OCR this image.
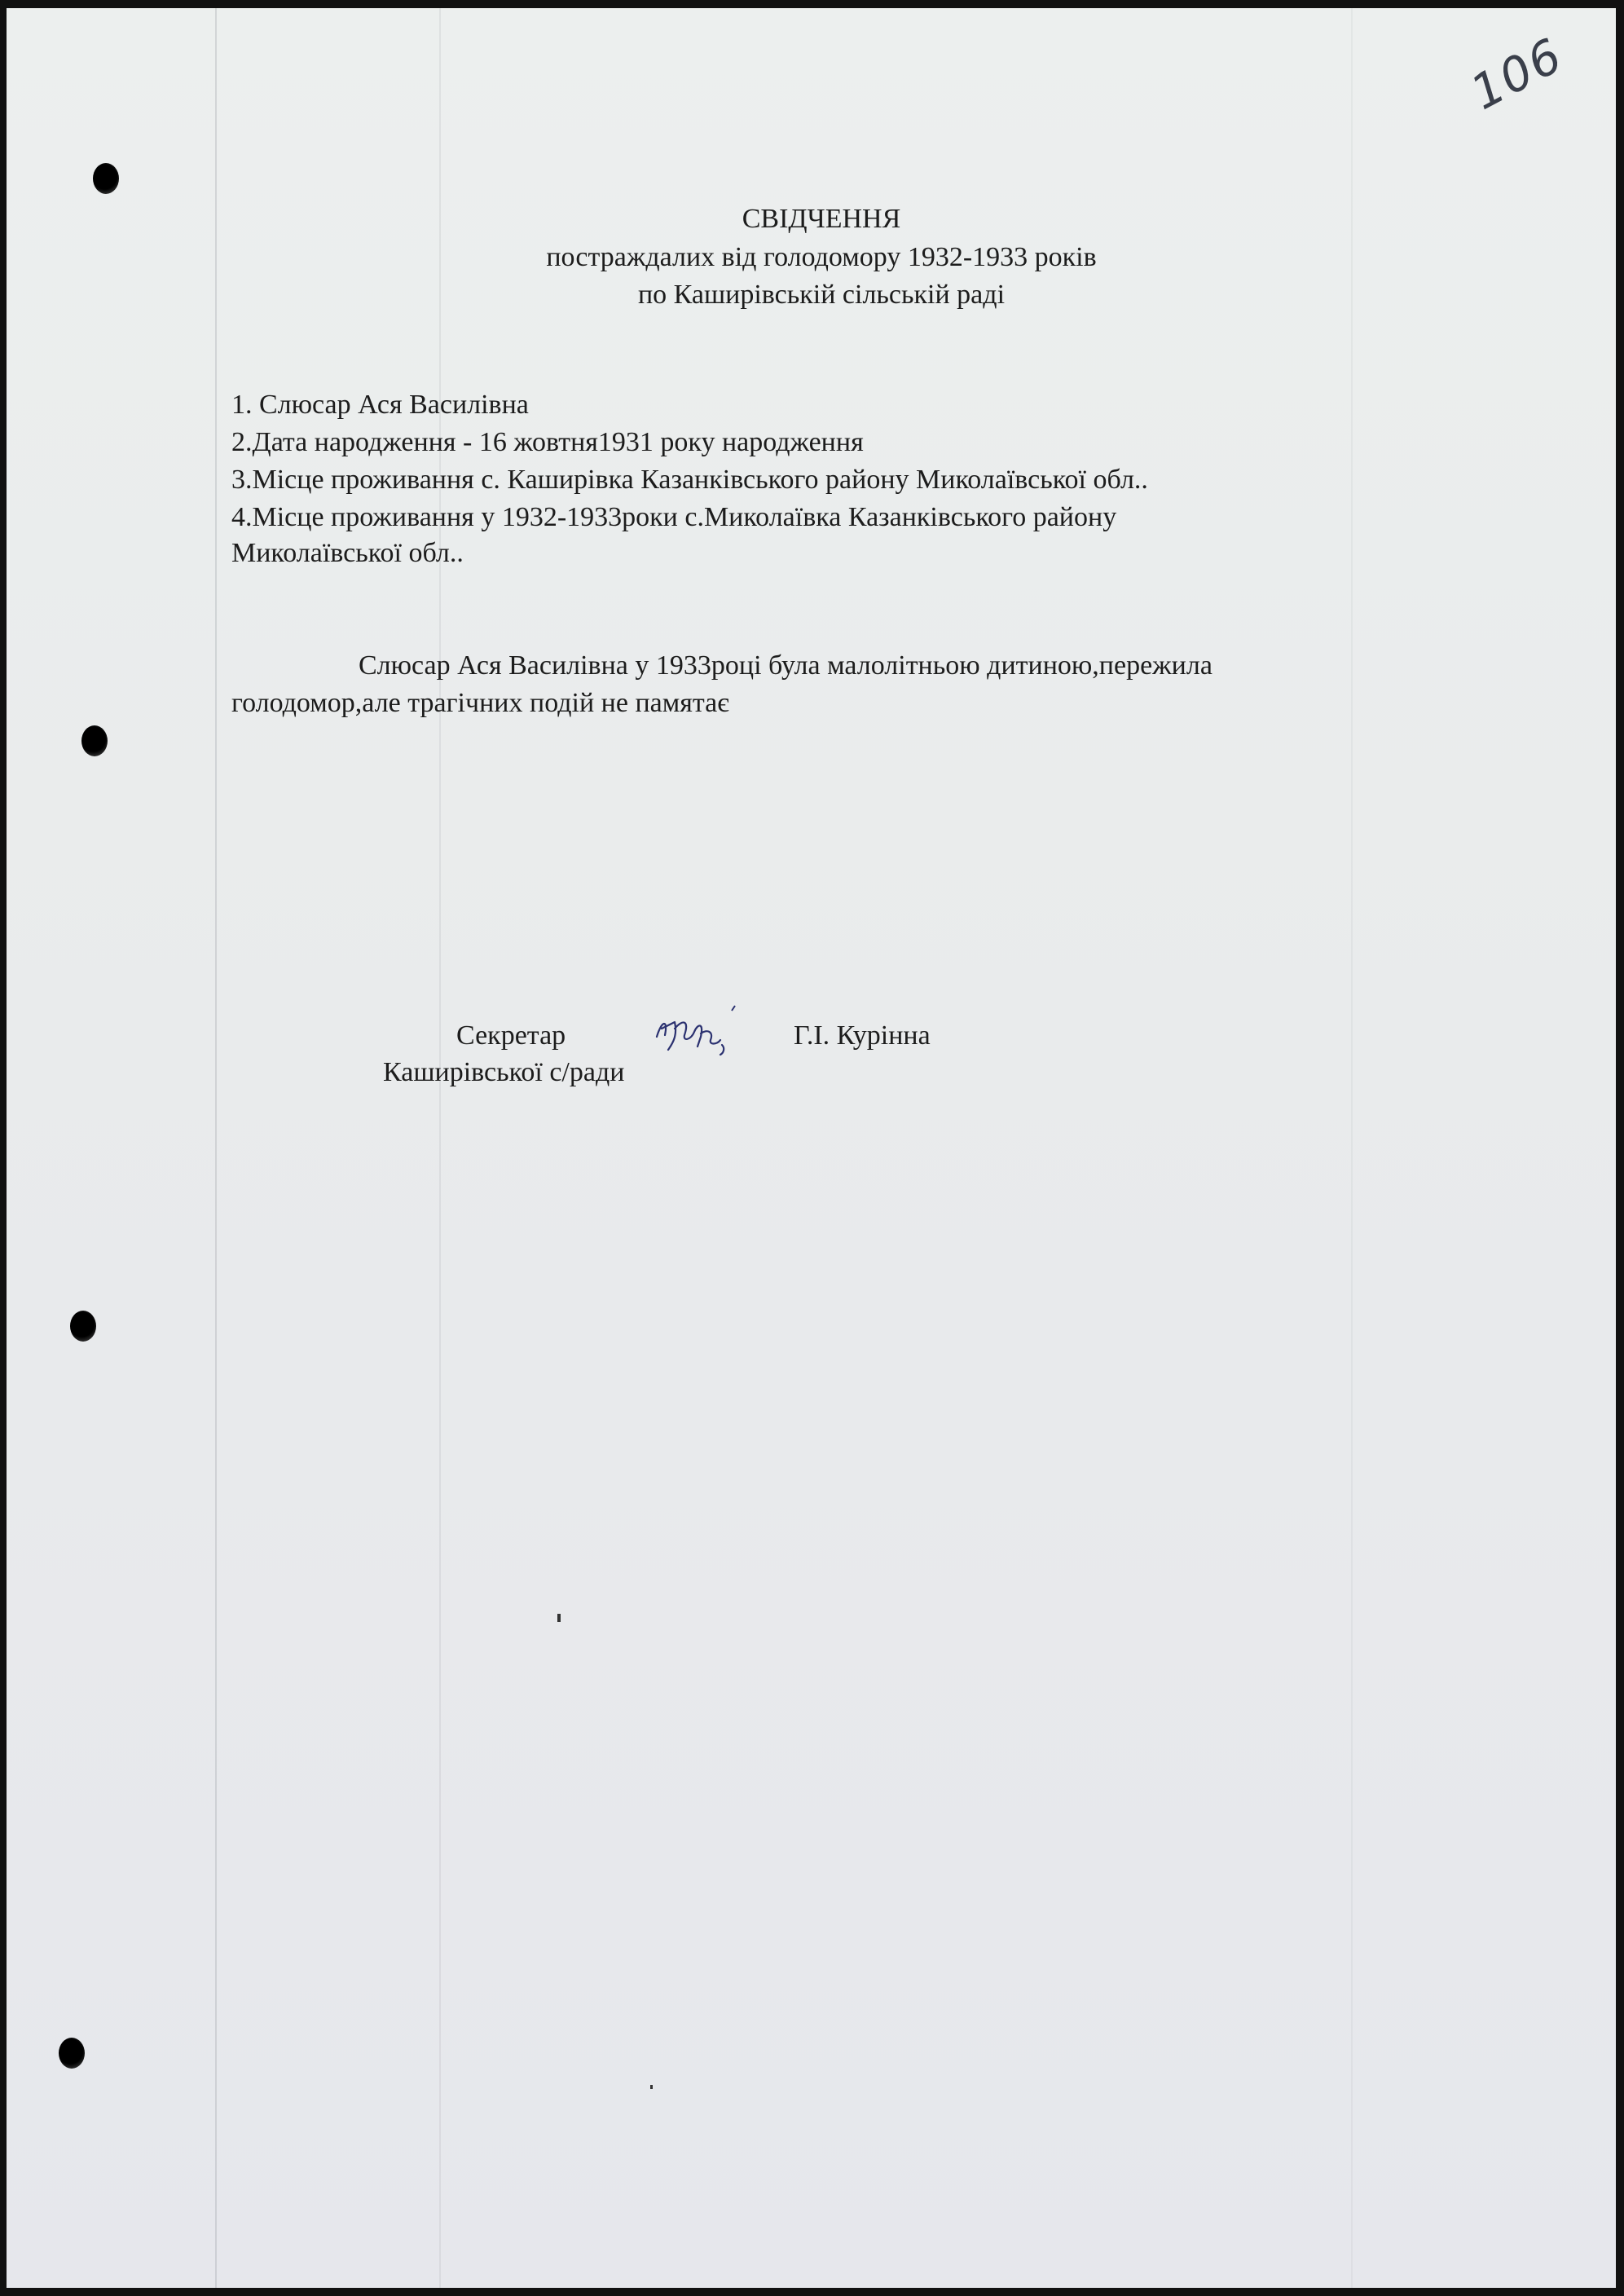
106
СВІДЧЕННЯ
постраждалих від голодомору 1932-1933 років
по Каширівській сільській раді
1. Слюсар Ася Василівна
2.Дата народження - 16 жовтня1931 року народження
3.Місце проживання с. Каширівка Казанківського району Миколаївської обл..
4.Місце проживання у 1932-1933роки с.Миколаївка Казанківського району
Миколаївської обл..
Слюсар Ася Василівна у 1933році була малолітньою дитиною,пережила
голодомор,але трагічних подій не памятає
Секретар
Каширівської с/ради
Г.І. Курінна
